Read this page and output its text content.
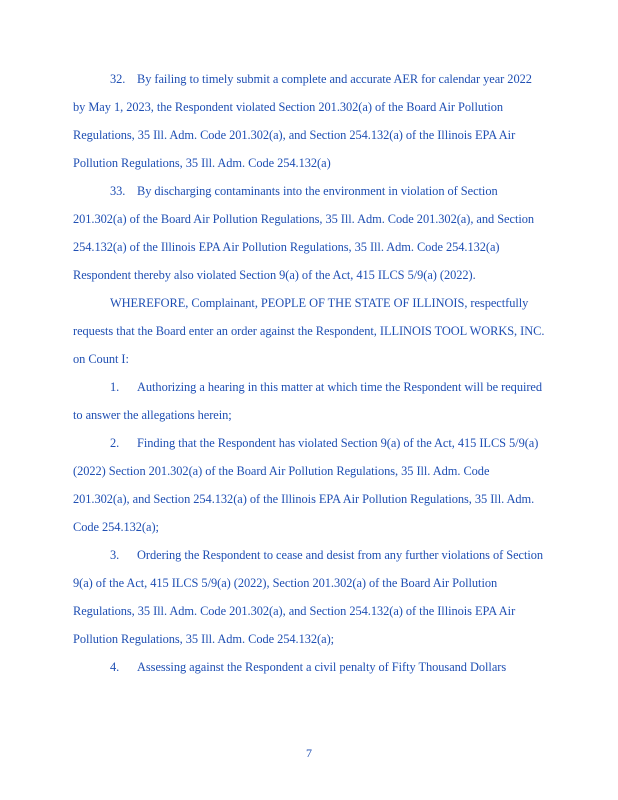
32. By failing to timely submit a complete and accurate AER for calendar year 2022
by May 1, 2023, the Respondent violated Section 201.302(a) of the Board Air Pollution
Regulations, 35 Ill. Adm. Code 201.302(a), and Section 254.132(a) of the Illinois EPA Air
Pollution Regulations, 35 Ill. Adm. Code 254.132(a)
33. By discharging contaminants into the environment in violation of Section
201.302(a) of the Board Air Pollution Regulations, 35 Ill. Adm. Code 201.302(a), and Section
254.132(a) of the Illinois EPA Air Pollution Regulations, 35 Ill. Adm. Code 254.132(a)
Respondent thereby also violated Section 9(a) of the Act, 415 ILCS 5/9(a) (2022).
WHEREFORE, Complainant, PEOPLE OF THE STATE OF ILLINOIS, respectfully
requests that the Board enter an order against the Respondent, ILLINOIS TOOL WORKS, INC.
on Count I:
1. Authorizing a hearing in this matter at which time the Respondent will be required
to answer the allegations herein;
2. Finding that the Respondent has violated Section 9(a) of the Act, 415 ILCS 5/9(a)
(2022) Section 201.302(a) of the Board Air Pollution Regulations, 35 Ill. Adm. Code
201.302(a), and Section 254.132(a) of the Illinois EPA Air Pollution Regulations, 35 Ill. Adm.
Code 254.132(a);
3. Ordering the Respondent to cease and desist from any further violations of Section
9(a) of the Act, 415 ILCS 5/9(a) (2022), Section 201.302(a) of the Board Air Pollution
Regulations, 35 Ill. Adm. Code 201.302(a), and Section 254.132(a) of the Illinois EPA Air
Pollution Regulations, 35 Ill. Adm. Code 254.132(a);
4. Assessing against the Respondent a civil penalty of Fifty Thousand Dollars
7
